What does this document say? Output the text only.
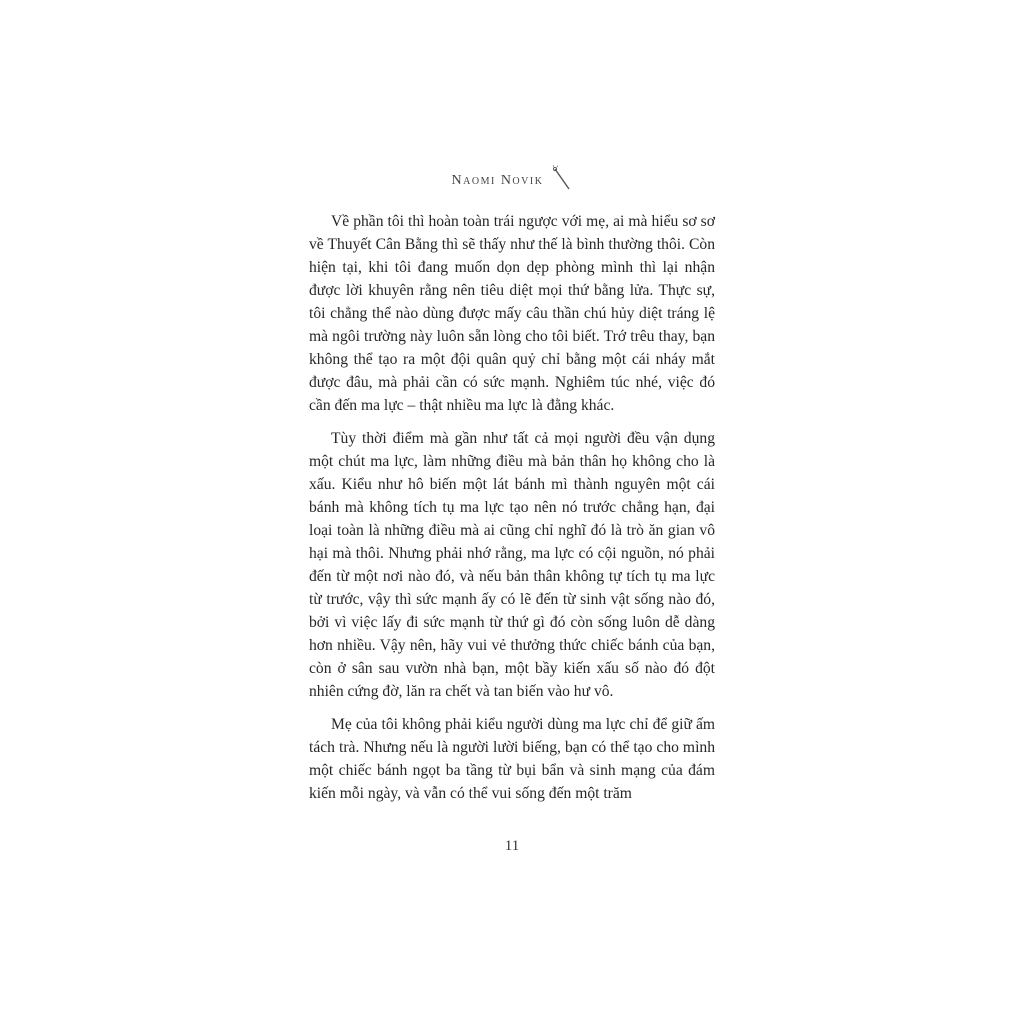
Naomi Novik

Về phần tôi thì hoàn toàn trái ngược với mẹ, ai mà hiểu sơ sơ về Thuyết Cân Bằng thì sẽ thấy như thế là bình thường thôi. Còn hiện tại, khi tôi đang muốn dọn dẹp phòng mình thì lại nhận được lời khuyên rằng nên tiêu diệt mọi thứ bằng lửa. Thực sự, tôi chẳng thể nào dùng được mấy câu thần chú hủy diệt tráng lệ mà ngôi trường này luôn sẵn lòng cho tôi biết. Trớ trêu thay, bạn không thể tạo ra một đội quân quỷ chỉ bằng một cái nháy mắt được đâu, mà phải cần có sức mạnh. Nghiêm túc nhé, việc đó cần đến ma lực – thật nhiều ma lực là đằng khác.

Tùy thời điểm mà gần như tất cả mọi người đều vận dụng một chút ma lực, làm những điều mà bản thân họ không cho là xấu. Kiểu như hô biến một lát bánh mì thành nguyên một cái bánh mà không tích tụ ma lực tạo nên nó trước chẳng hạn, đại loại toàn là những điều mà ai cũng chỉ nghĩ đó là trò ăn gian vô hại mà thôi. Nhưng phải nhớ rằng, ma lực có cội nguồn, nó phải đến từ một nơi nào đó, và nếu bản thân không tự tích tụ ma lực từ trước, vậy thì sức mạnh ấy có lẽ đến từ sinh vật sống nào đó, bởi vì việc lấy đi sức mạnh từ thứ gì đó còn sống luôn dễ dàng hơn nhiều. Vậy nên, hãy vui vẻ thưởng thức chiếc bánh của bạn, còn ở sân sau vườn nhà bạn, một bầy kiến xấu số nào đó đột nhiên cứng đờ, lăn ra chết và tan biến vào hư vô.

Mẹ của tôi không phải kiểu người dùng ma lực chỉ để giữ ấm tách trà. Nhưng nếu là người lười biếng, bạn có thể tạo cho mình một chiếc bánh ngọt ba tầng từ bụi bẩn và sinh mạng của đám kiến mỗi ngày, và vẫn có thể vui sống đến một trăm

11
